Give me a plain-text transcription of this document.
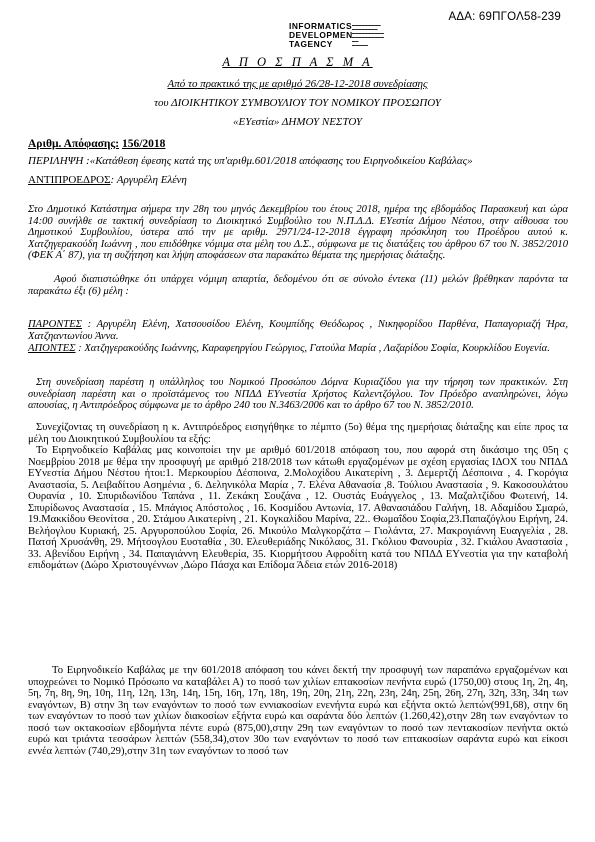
ΑΔΑ: 69ΠΓΟΛ58-239
INFORMATICS
DEVELOPMEN
TAGENCY
▬▬▬▬▬▬▬▬▬
▬▬▬▬▬▬▬▬
▬▬▬▬▬▬▬▬▬▬
▬▬▬▬▬▬▬▬▬▬
▬▬
▬▬▬▬▬
Α Π Ο Σ Π Α Σ Μ Α
Από το πρακτικό της με αριθμό 26/28-12-2018 συνεδρίασης
του ΔΙΟΙΚΗΤΙΚΟΥ ΣΥΜΒΟΥΛΙΟΥ ΤΟΥ ΝΟΜΙΚΟΥ ΠΡΟΣΩΠΟΥ
«ΕΥεστία» ΔΗΜΟΥ ΝΕΣΤΟΥ
Αριθμ. Απόφασης: 156/2018
ΠΕΡΙΛΗΨΗ :«Κατάθεση έφεσης κατά της υπ'αριθμ.601/2018 απόφασης του Ειρηνοδικείου Καβάλας»
ΑΝΤΙΠΡΟΕΔΡΟΣ: Αργυρέλη Ελένη

Στο Δημοτικό Κατάστημα σήμερα την 28η του μηνός Δεκεμβρίου του έτους 2018, ημέρα της εβδομάδος Παρασκευή και ώρα 14:00 συνήλθε σε τακτική συνεδρίαση το Διοικητικό Συμβούλιο του Ν.Π.Δ.Δ. ΕΥεστία Δήμου Νέστου, στην αίθουσα του Δημοτικού Συμβουλίου, ύστερα από την με αριθμ. 2971/24-12-2018 έγγραφη πρόσκληση του Προέδρου αυτού κ. Χατζηγερακούδη Ιωάννη , που επιδόθηκε νόμιμα στα μέλη του Δ.Σ., σύμφωνα με τις διατάξεις του άρθρου 67 του Ν. 3852/2010 (ΦΕΚ Α΄ 87), για τη συζήτηση και λήψη αποφάσεων στα παρακάτω θέματα της ημερήσιας διάταξης.

Αφού διαπιστώθηκε ότι υπάρχει νόμιμη απαρτία, δεδομένου ότι σε σύνολο έντεκα (11) μελών βρέθηκαν παρόντα τα παρακάτω έξι (6) μέλη :

ΠΑΡΟΝΤΕΣ : Αργυρέλη Ελένη, Χατσουσίδου Ελένη, Κουμπίδης Θεόδωρος , Νικηφορίδου Παρθένα, Παπαγοριαζή Ήρα, Χατζηαντωνίου Άννα.

ΑΠΟΝΤΕΣ : Χατζηγερακούδης Ιωάννης, Καραφεηργίου Γεώργιος, Γατούλα Μαρία , Λαζαρίδου Σοφία, Κουρκλίδου Ευγενία.

Στη συνεδρίαση παρέστη η υπάλληλος του Νομικού Προσώπου Δόμνα Κυριαζίδου για την τήρηση των πρακτικών. Στη συνεδρίαση παρέστη και ο προϊστάμενος του ΝΠΔΔ ΕΥνεστία Χρήστος Καλεντζόγλου. Τον Πρόεδρο αναπληρώνει, λόγω απουσίας, η Αντιπρόεδρος σύμφωνα με το άρθρο 240 του Ν.3463/2006 και το άρθρο 67 του Ν. 3852/2010.

Συνεχίζοντας τη συνεδρίαση η κ. Αντιπρόεδρος εισηγήθηκε το πέμπτο (5ο) θέμα της ημερήσιας διάταξης και είπε προς τα μέλη του Διοικητικού Συμβουλίου τα εξής:

Το Ειρηνοδικείο Καβάλας μας κοινοποίει την με αριθμό 601/2018 απόφαση του, που αφορά στη δικάσιμο της 05η ς Νοεμβρίου 2018 με θέμα την προσφυγή με αριθμό 218/2018 των κάτωθι εργαζομένων με σχέση εργασίας ΙΔΟΧ του ΝΠΔΔ ΕΥνεστία Δήμου Νέστου ήτοι:1. Μερκουρίου Δέσποινα, 2.Μολοχίδου Αικατερίνη , 3. Δεμερτζή Δέσποινα , 4. Γκορόγια Αναστασία, 5. Λειβαδίτου Ασημένια , 6. Δεληνικόλα Μαρία , 7. Ελένα Αθανασία ,8. Τούλιου Αναστασία , 9. Κακοσουλάτου Ουρανία , 10. Σπυριδωνίδου Ταπάνα , 11. Ζεκάκη Σουζάνα , 12. Ουστάς Ευάγγελος , 13. Μαζαλτζίδου Φωτεινή, 14. Σπυρίδωνος Αναστασία , 15. Μπάγιος Απόστολος , 16. Κοσμίδου Αντωνία, 17. Αθανασιάδου Γαλήνη, 18. Αδαμίδου Σμαρώ, 19.Μακκίδου Θεονίτσα , 20. Στάμου Αικατερίνη , 21. Κογκαλίδου Μαρίνα, 22.. Θωμαΐδου Σοφία,23.Παπαζόγλου Ειρήνη, 24. Βελήογλου Κυριακή, 25. Αργυροπούλου Σοφία, 26. Μικούλο Μαλγκορζάτα – Γιολάντα, 27. Μακρογιάννη Ευαγγελία , 28. Πατσή Χρυσάνθη, 29. Μήτσογλου Ευσταθία , 30. Ελευθεριάδης Νικόλαος, 31. Γκόλιου Φανουρία , 32. Γκιάλου Αναστασία , 33. Αβενίδου Ειρήνη , 34. Παπαγιάννη Ελευθερία, 35. Κιορμήτσου Αφροδίτη κατά του ΝΠΔΔ ΕΥνεστία για την καταβολή επιδομάτων (Δώρο Χριστουγέννων ,Δώρο Πάσχα και Επίδομα Άδεια ετών 2016-2018)

Το Ειρηνοδικείο Καβάλας με την 601/2018 απόφαση του κάνει δεκτή την προσφυγή των παραπάνω εργαζομένων και υποχρεώνει το Νομικό Πρόσωπο να καταβάλει Α) το ποσό των χιλίων επτακοσίων πενήντα ευρώ (1750,00) στους 1η, 2η, 4η, 5η, 7η, 8η, 9η, 10η, 11η, 12η, 13η, 14η, 15η, 16η, 17η, 18η, 19η, 20η, 21η, 22η, 23η, 24η, 25η, 26η, 27η, 32η, 33η, 34η των εναγόντων, Β) στην 3η των εναγόντων το ποσό των εννιακοσίων ενενήντα ευρώ και εξήντα οκτώ λεπτών(991,68), στην 6η των εναγόντων το ποσό των χιλίων διακοσίων εξήντα ευρώ και σαράντα δύο λεπτών (1.260,42),στην 28η των εναγόντων το ποσό των οκτακοσίων εβδομήντα πέντε ευρώ (875,00),στην 29η των εναγόντων το ποσό των πεντακοσίων πενήντα οκτώ ευρώ και τριάντα τεσσάρων λεπτών (558,34),στον 30ο των εναγόντων το ποσό των επτακοσίων σαράντα ευρώ και είκοσι εννέα λεπτών (740,29),στην 31η των εναγόντων το ποσό των
